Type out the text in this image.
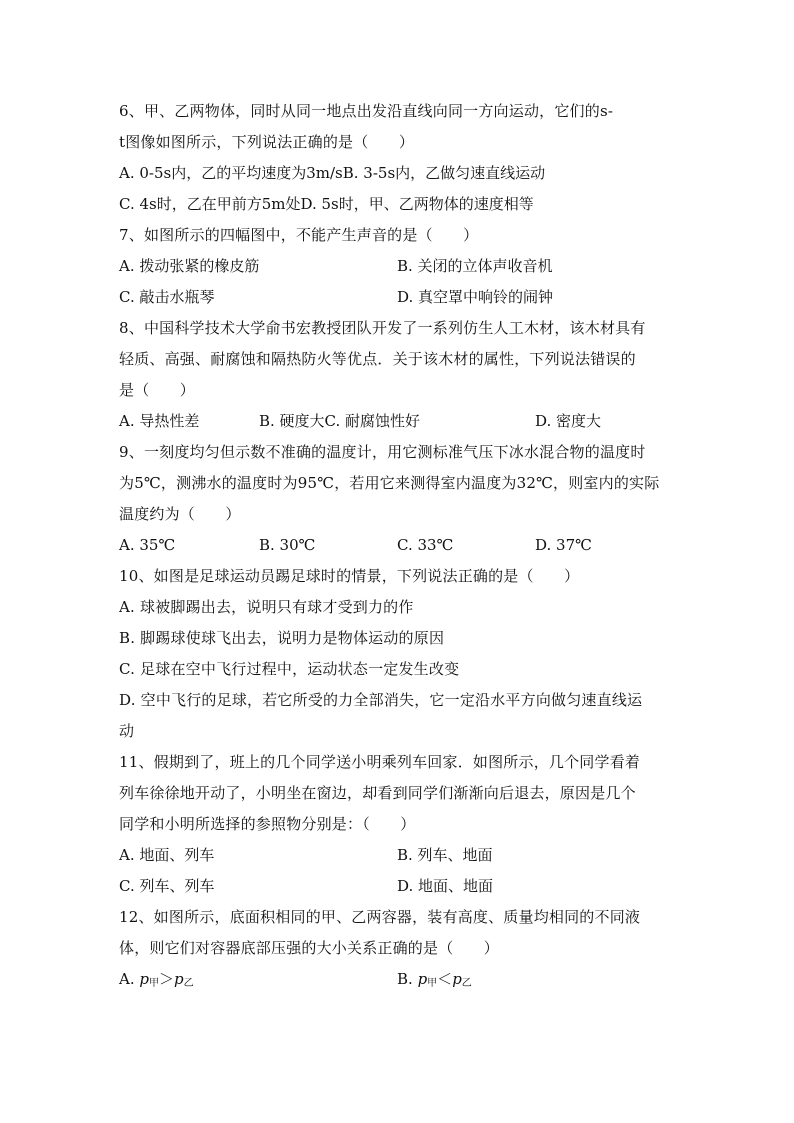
6、甲、乙两物体，同时从同一地点出发沿直线向同一方向运动，它们的s-
t图像如图所示，下列说法正确的是（　　）
A. 0-5s内，乙的平均速度为3m/sB. 3-5s内，乙做匀速直线运动
C. 4s时，乙在甲前方5m处D. 5s时，甲、乙两物体的速度相等
7、如图所示的四幅图中，不能产生声音的是（　　）
A. 拨动张紧的橡皮筋	B. 关闭的立体声收音机
C. 敲击水瓶琴	D. 真空罩中响铃的闹钟
8、中国科学技术大学俞书宏教授团队开发了一系列仿生人工木材，该木材具有
轻质、高强、耐腐蚀和隔热防火等优点．关于该木材的属性，下列说法错误的
是（　　）
A. 导热性差	B. 硬度大C. 耐腐蚀性好	D. 密度大
9、一刻度均匀但示数不准确的温度计，用它测标准气压下冰水混合物的温度时
为5℃，测沸水的温度时为95℃，若用它来测得室内温度为32℃，则室内的实际
温度约为（　　）
A. 35℃	B. 30℃	C. 33℃	D. 37℃
10、如图是足球运动员踢足球时的情景，下列说法正确的是（　　）
A. 球被脚踢出去，说明只有球才受到力的作
B. 脚踢球使球飞出去，说明力是物体运动的原因
C. 足球在空中飞行过程中，运动状态一定发生改变
D. 空中飞行的足球，若它所受的力全部消失，它一定沿水平方向做匀速直线运
动
11、假期到了，班上的几个同学送小明乘列车回家．如图所示，几个同学看着
列车徐徐地开动了，小明坐在窗边，却看到同学们渐渐向后退去，原因是几个
同学和小明所选择的参照物分别是：（　　）
A. 地面、列车	B. 列车、地面
C. 列车、列车	D. 地面、地面
12、如图所示，底面积相同的甲、乙两容器，装有高度、质量均相同的不同液
体，则它们对容器底部压强的大小关系正确的是（　　）
A. $p_甲>p_乙$	B. $p_甲<p_乙$
